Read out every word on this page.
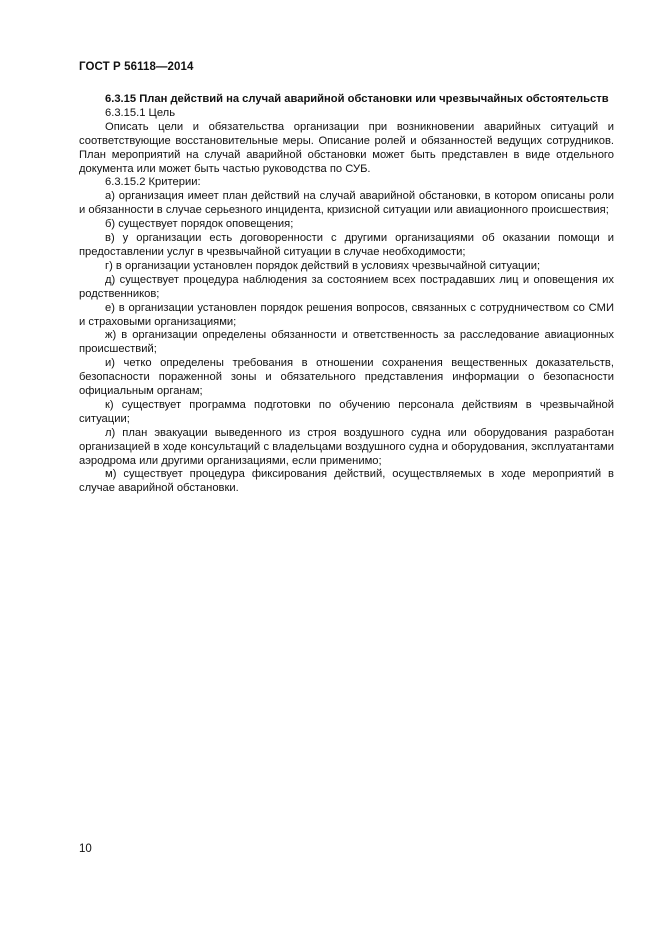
ГОСТ Р 56118—2014

6.3.15 План действий на случай аварийной обстановки или чрезвычайных обстоятельств

6.3.15.1 Цель

Описать цели и обязательства организации при возникновении аварийных ситуаций и соответствующие восстановительные меры. Описание ролей и обязанностей ведущих сотрудников. План мероприятий на случай аварийной обстановки может быть представлен в виде отдельного документа или может быть частью руководства по СУБ.

6.3.15.2 Критерии:

а) организация имеет план действий на случай аварийной обстановки, в котором описаны роли и обязанности в случае серьезного инцидента, кризисной ситуации или авиационного происшествия;

б) существует порядок оповещения;

в) у организации есть договоренности с другими организациями об оказании помощи и предоставлении услуг в чрезвычайной ситуации в случае необходимости;

г) в организации установлен порядок действий в условиях чрезвычайной ситуации;

д) существует процедура наблюдения за состоянием всех пострадавших лиц и оповещения их родственников;

е) в организации установлен порядок решения вопросов, связанных с сотрудничеством со СМИ и страховыми организациями;

ж) в организации определены обязанности и ответственность за расследование авиационных происшествий;

и) четко определены требования в отношении сохранения вещественных доказательств, безопасности пораженной зоны и обязательного представления информации о безопасности официальным органам;

к) существует программа подготовки по обучению персонала действиям в чрезвычайной ситуации;

л) план эвакуации выведенного из строя воздушного судна или оборудования разработан организацией в ходе консультаций с владельцами воздушного судна и оборудования, эксплуатантами аэродрома или другими организациями, если применимо;

м) существует процедура фиксирования действий, осуществляемых в ходе мероприятий в случае аварийной обстановки.

10
